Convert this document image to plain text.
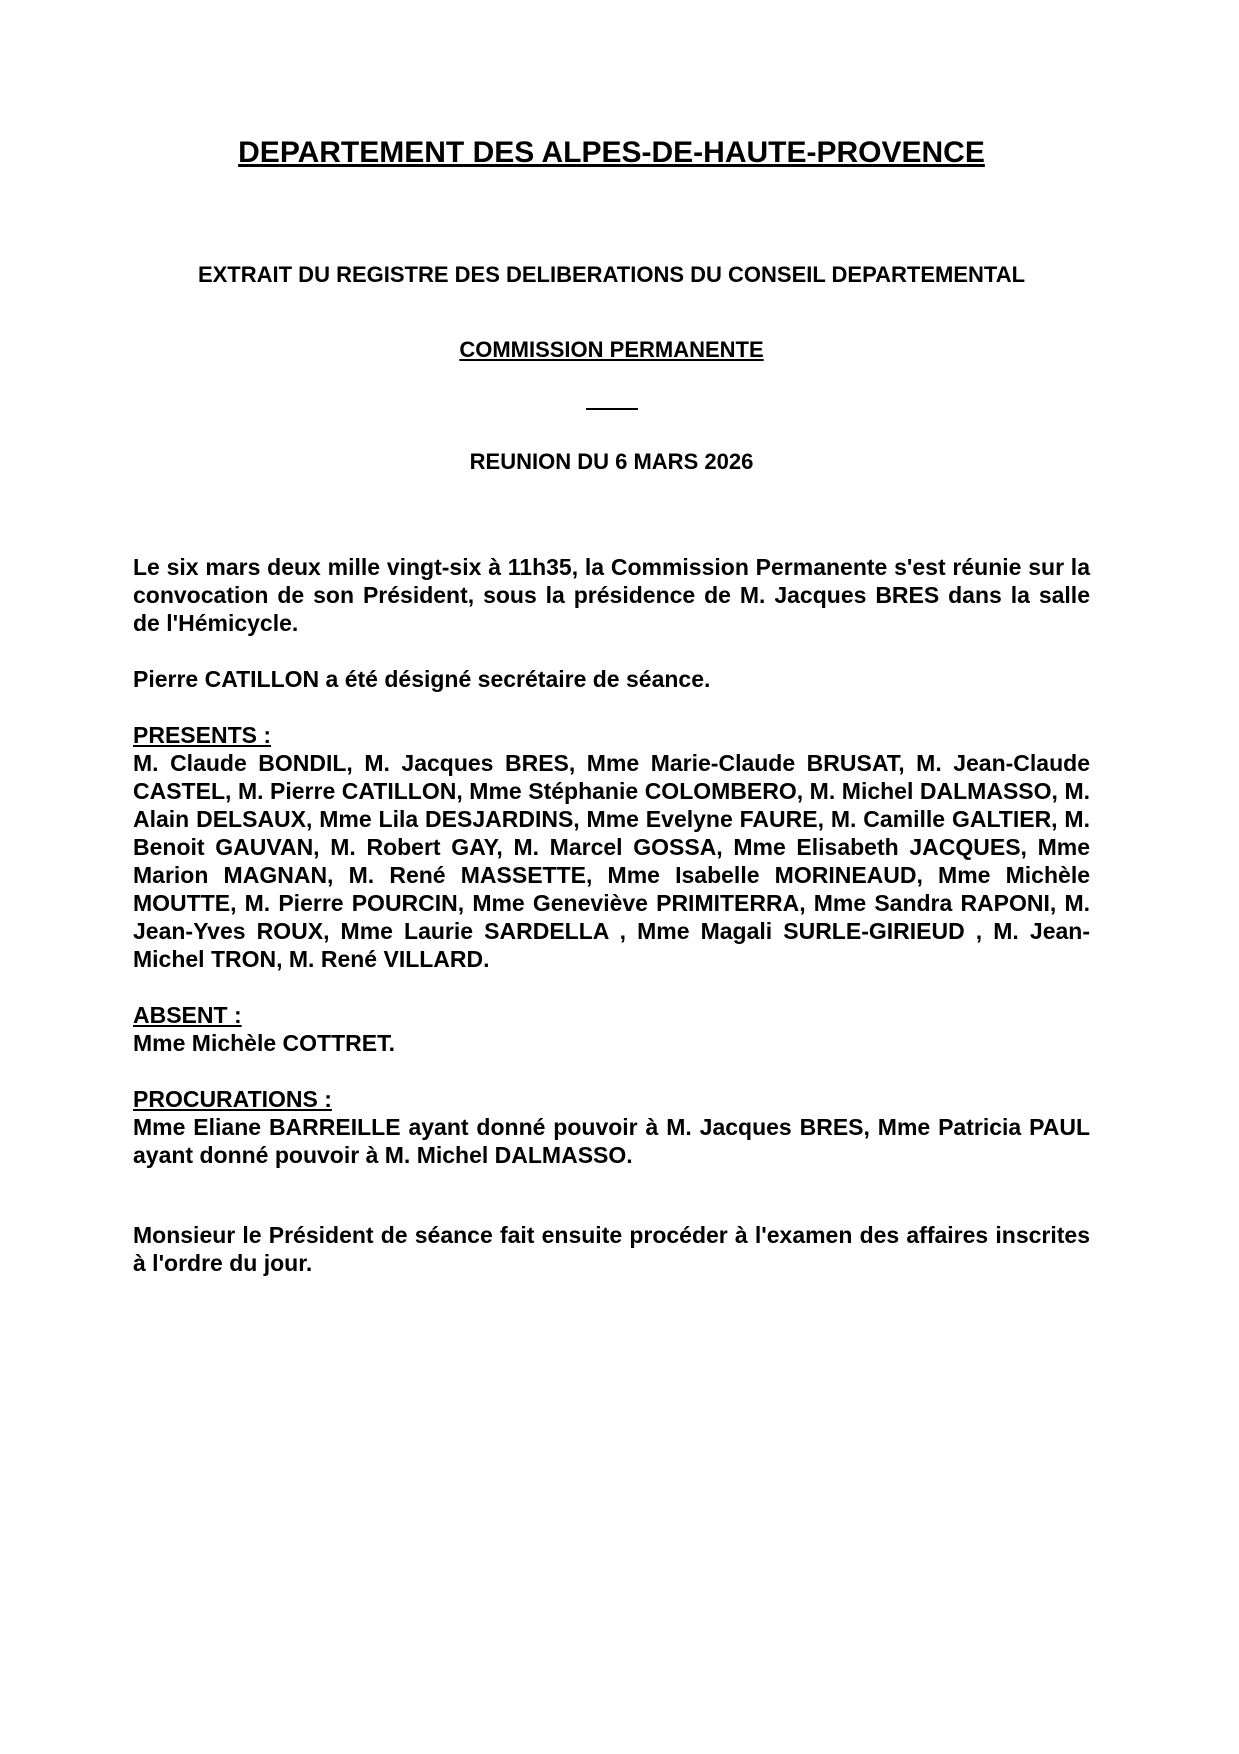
DEPARTEMENT DES ALPES-DE-HAUTE-PROVENCE
EXTRAIT DU REGISTRE DES DELIBERATIONS DU CONSEIL DEPARTEMENTAL
COMMISSION PERMANENTE
REUNION DU 6 MARS 2026

Le six mars deux mille vingt-six à 11h35, la Commission Permanente s'est réunie sur la convocation de son Président, sous la présidence de M. Jacques BRES dans la salle de l'Hémicycle.

Pierre CATILLON a été désigné secrétaire de séance.

PRESENTS :
M. Claude BONDIL, M. Jacques BRES, Mme Marie-Claude BRUSAT, M. Jean-Claude CASTEL, M. Pierre CATILLON, Mme Stéphanie COLOMBERO, M. Michel DALMASSO, M. Alain DELSAUX, Mme Lila DESJARDINS, Mme Evelyne FAURE, M. Camille GALTIER, M. Benoit GAUVAN, M. Robert GAY, M. Marcel GOSSA, Mme Elisabeth JACQUES, Mme Marion MAGNAN, M. René MASSETTE, Mme Isabelle MORINEAUD, Mme Michèle MOUTTE, M. Pierre POURCIN, Mme Geneviève PRIMITERRA, Mme Sandra RAPONI, M. Jean-Yves ROUX, Mme Laurie SARDELLA , Mme Magali SURLE-GIRIEUD , M. Jean-Michel TRON, M. René VILLARD.
ABSENT :
Mme Michèle COTTRET.
PROCURATIONS :
Mme Eliane BARREILLE ayant donné pouvoir à M. Jacques BRES, Mme Patricia PAUL ayant donné pouvoir à M. Michel DALMASSO.

Monsieur le Président de séance fait ensuite procéder à l'examen des affaires inscrites à l'ordre du jour.
